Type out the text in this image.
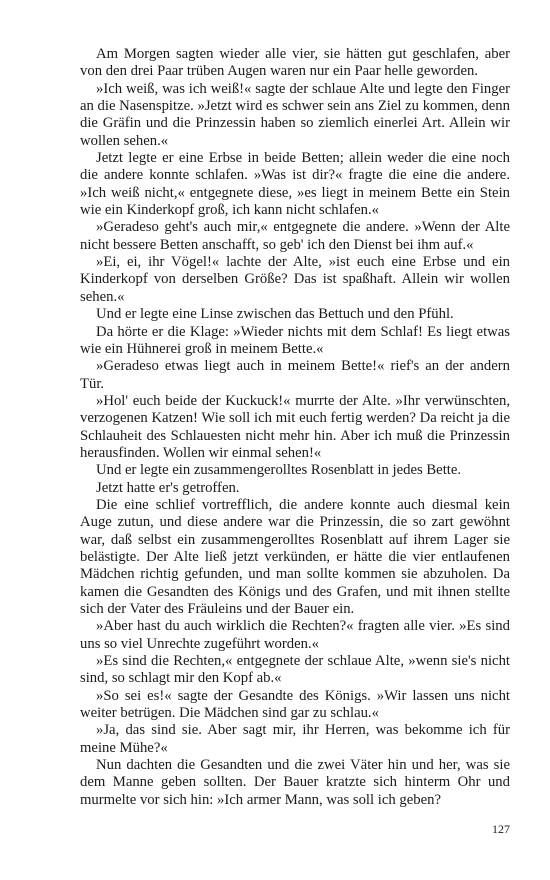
Am Morgen sagten wieder alle vier, sie hätten gut geschlafen, aber von den drei Paar trüben Augen waren nur ein Paar helle geworden.

»Ich weiß, was ich weiß!« sagte der schlaue Alte und legte den Finger an die Nasenspitze. »Jetzt wird es schwer sein ans Ziel zu kommen, denn die Gräfin und die Prinzessin haben so ziemlich einerlei Art. Allein wir wollen sehen.«

Jetzt legte er eine Erbse in beide Betten; allein weder die eine noch die andere konnte schlafen. »Was ist dir?« fragte die eine die andere. »Ich weiß nicht,« entgegnete diese, »es liegt in meinem Bette ein Stein wie ein Kinderkopf groß, ich kann nicht schlafen.«

»Geradeso geht's auch mir,« entgegnete die andere. »Wenn der Alte nicht bessere Betten anschafft, so geb' ich den Dienst bei ihm auf.«

»Ei, ei, ihr Vögel!« lachte der Alte, »ist euch eine Erbse und ein Kinderkopf von derselben Größe? Das ist spaßhaft. Allein wir wollen sehen.«

Und er legte eine Linse zwischen das Bettuch und den Pfühl.

Da hörte er die Klage: »Wieder nichts mit dem Schlaf! Es liegt etwas wie ein Hühnerei groß in meinem Bette.«

»Geradeso etwas liegt auch in meinem Bette!« rief's an der andern Tür.

»Hol' euch beide der Kuckuck!« murrte der Alte. »Ihr verwünschten, verzogenen Katzen! Wie soll ich mit euch fertig werden? Da reicht ja die Schlauheit des Schlauesten nicht mehr hin. Aber ich muß die Prinzessin herausfinden. Wollen wir einmal sehen!«

Und er legte ein zusammengerolltes Rosenblatt in jedes Bette.

Jetzt hatte er's getroffen.

Die eine schlief vortrefflich, die andere konnte auch diesmal kein Auge zutun, und diese andere war die Prinzessin, die so zart gewöhnt war, daß selbst ein zusammengerolltes Rosenblatt auf ihrem Lager sie belästigte. Der Alte ließ jetzt verkünden, er hätte die vier entlaufenen Mädchen richtig gefunden, und man sollte kommen sie abzuholen. Da kamen die Gesandten des Königs und des Grafen, und mit ihnen stellte sich der Vater des Fräuleins und der Bauer ein.

»Aber hast du auch wirklich die Rechten?« fragten alle vier. »Es sind uns so viel Unrechte zugeführt worden.«

»Es sind die Rechten,« entgegnete der schlaue Alte, »wenn sie's nicht sind, so schlagt mir den Kopf ab.«

»So sei es!« sagte der Gesandte des Königs. »Wir lassen uns nicht weiter betrügen. Die Mädchen sind gar zu schlau.«

»Ja, das sind sie. Aber sagt mir, ihr Herren, was bekomme ich für meine Mühe?«

Nun dachten die Gesandten und die zwei Väter hin und her, was sie dem Manne geben sollten. Der Bauer kratzte sich hinterm Ohr und murmelte vor sich hin: »Ich armer Mann, was soll ich geben?

127
